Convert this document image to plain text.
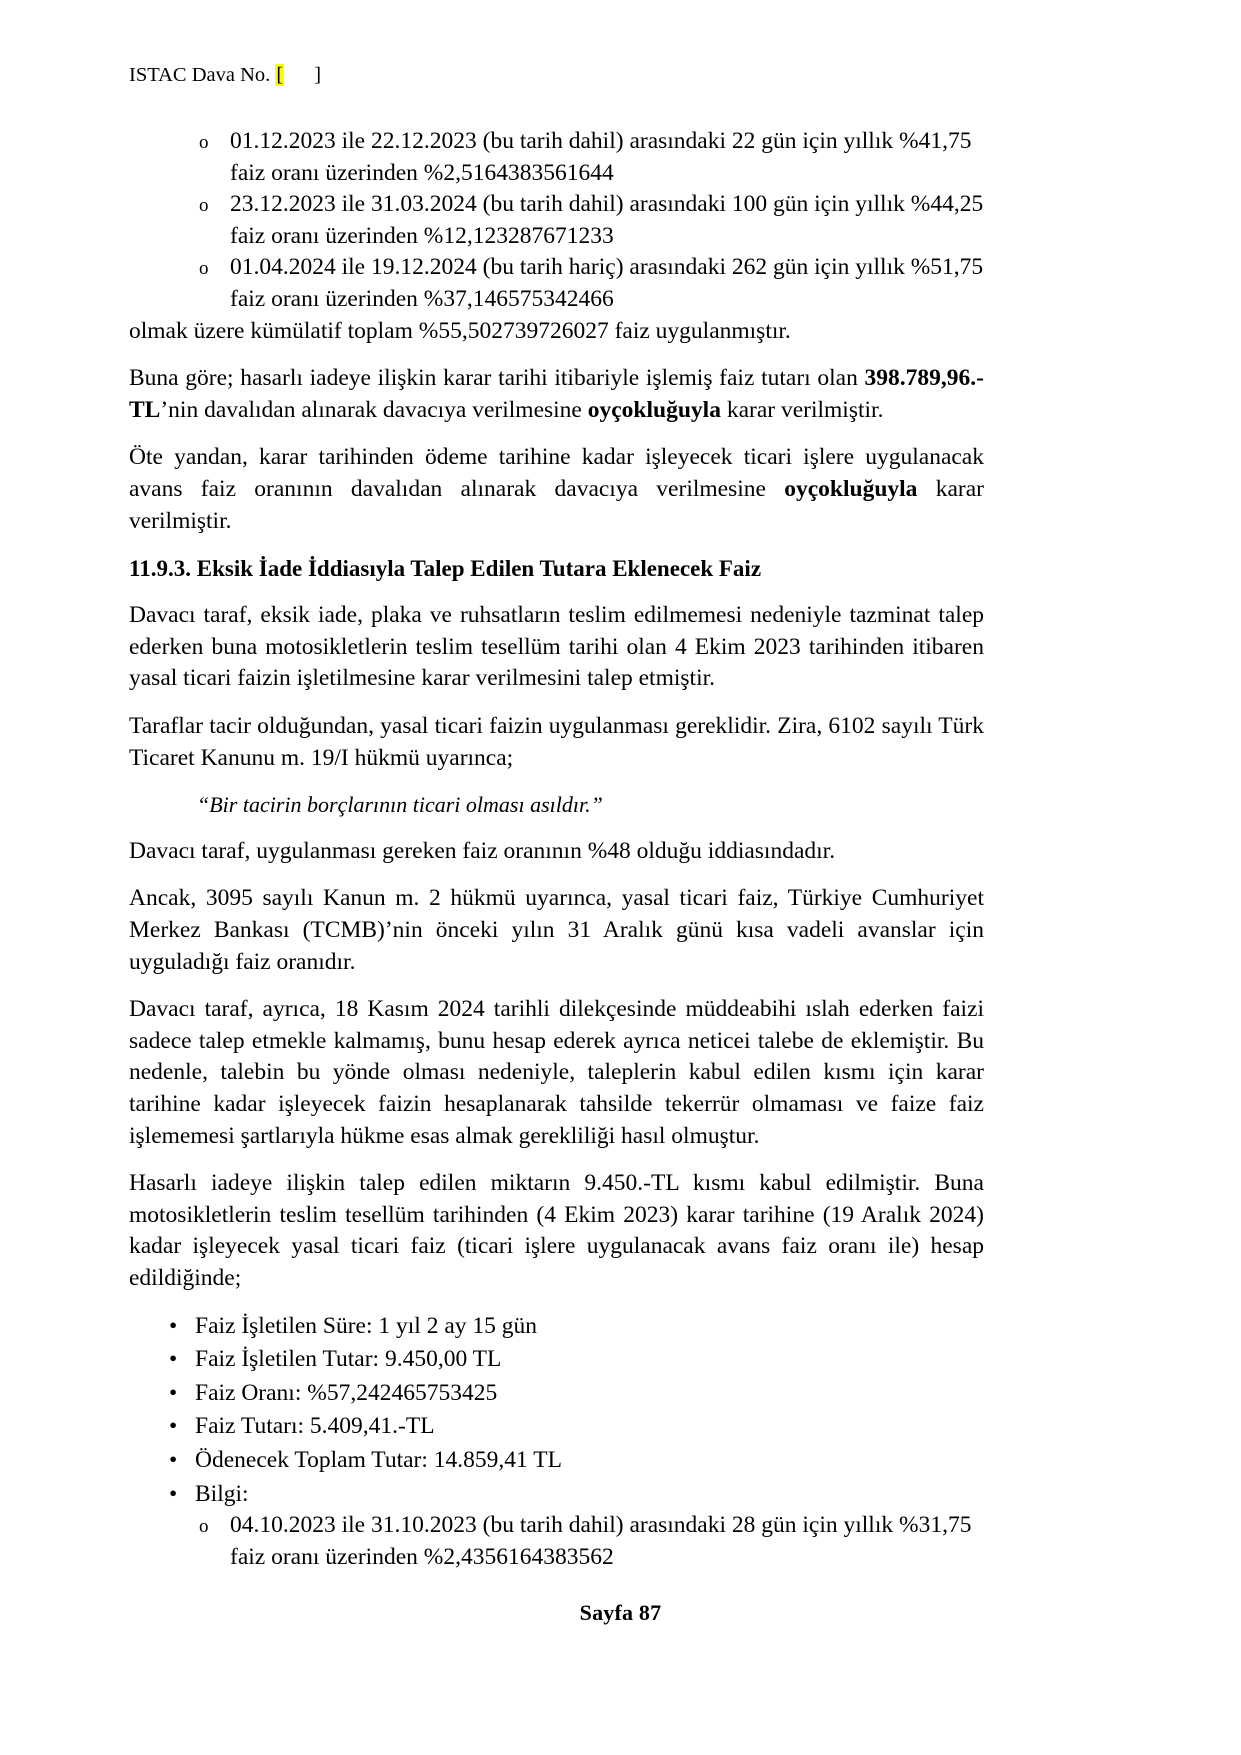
ISTAC Dava No. [ ]
o 01.12.2023 ile 22.12.2023 (bu tarih dahil) arasındaki 22 gün için yıllık %41,75 faiz oranı üzerinden %2,5164383561644
o 23.12.2023 ile 31.03.2024 (bu tarih dahil) arasındaki 100 gün için yıllık %44,25 faiz oranı üzerinden %12,123287671233
o 01.04.2024 ile 19.12.2024 (bu tarih hariç) arasındaki 262 gün için yıllık %51,75 faiz oranı üzerinden %37,146575342466

olmak üzere kümülatif toplam %55,502739726027 faiz uygulanmıştır.

Buna göre; hasarlı iadeye ilişkin karar tarihi itibariyle işlemiş faiz tutarı olan 398.789,96.-TL’nin davalıdan alınarak davacıya verilmesine oyçokluğuyla karar verilmiştir.

Öte yandan, karar tarihinden ödeme tarihine kadar işleyecek ticari işlere uygulanacak avans faiz oranının davalıdan alınarak davacıya verilmesine oyçokluğuyla karar verilmiştir.

11.9.3. Eksik İade İddiasıyla Talep Edilen Tutara Eklenecek Faiz

Davacı taraf, eksik iade, plaka ve ruhsatların teslim edilmemesi nedeniyle tazminat talep ederken buna motosikletlerin teslim tesellüm tarihi olan 4 Ekim 2023 tarihinden itibaren yasal ticari faizin işletilmesine karar verilmesini talep etmiştir.

Taraflar tacir olduğundan, yasal ticari faizin uygulanması gereklidir. Zira, 6102 sayılı Türk Ticaret Kanunu m. 19/I hükmü uyarınca;

“Bir tacirin borçlarının ticari olması asıldır.”

Davacı taraf, uygulanması gereken faiz oranının %48 olduğu iddiasındadır.

Ancak, 3095 sayılı Kanun m. 2 hükmü uyarınca, yasal ticari faiz, Türkiye Cumhuriyet Merkez Bankası (TCMB)’nin önceki yılın 31 Aralık günü kısa vadeli avanslar için uyguladığı faiz oranıdır.

Davacı taraf, ayrıca, 18 Kasım 2024 tarihli dilekçesinde müddeabihi ıslah ederken faizi sadece talep etmekle kalmamış, bunu hesap ederek ayrıca neticei talebe de eklemiştir. Bu nedenle, talebin bu yönde olması nedeniyle, taleplerin kabul edilen kısmı için karar tarihine kadar işleyecek faizin hesaplanarak tahsilde tekerrür olmaması ve faize faiz işlememesi şartlarıyla hükme esas almak gerekliliği hasıl olmuştur.

Hasarlı iadeye ilişkin talep edilen miktarın 9.450.-TL kısmı kabul edilmiştir. Buna motosikletlerin teslim tesellüm tarihinden (4 Ekim 2023) karar tarihine (19 Aralık 2024) kadar işleyecek yasal ticari faiz (ticari işlere uygulanacak avans faiz oranı ile) hesap edildiğinde;

• Faiz İşletilen Süre: 1 yıl 2 ay 15 gün
• Faiz İşletilen Tutar: 9.450,00 TL
• Faiz Oranı: %57,242465753425
• Faiz Tutarı: 5.409,41.-TL
• Ödenecek Toplam Tutar: 14.859,41 TL
• Bilgi:
o 04.10.2023 ile 31.10.2023 (bu tarih dahil) arasındaki 28 gün için yıllık %31,75 faiz oranı üzerinden %2,4356164383562
Sayfa 87
